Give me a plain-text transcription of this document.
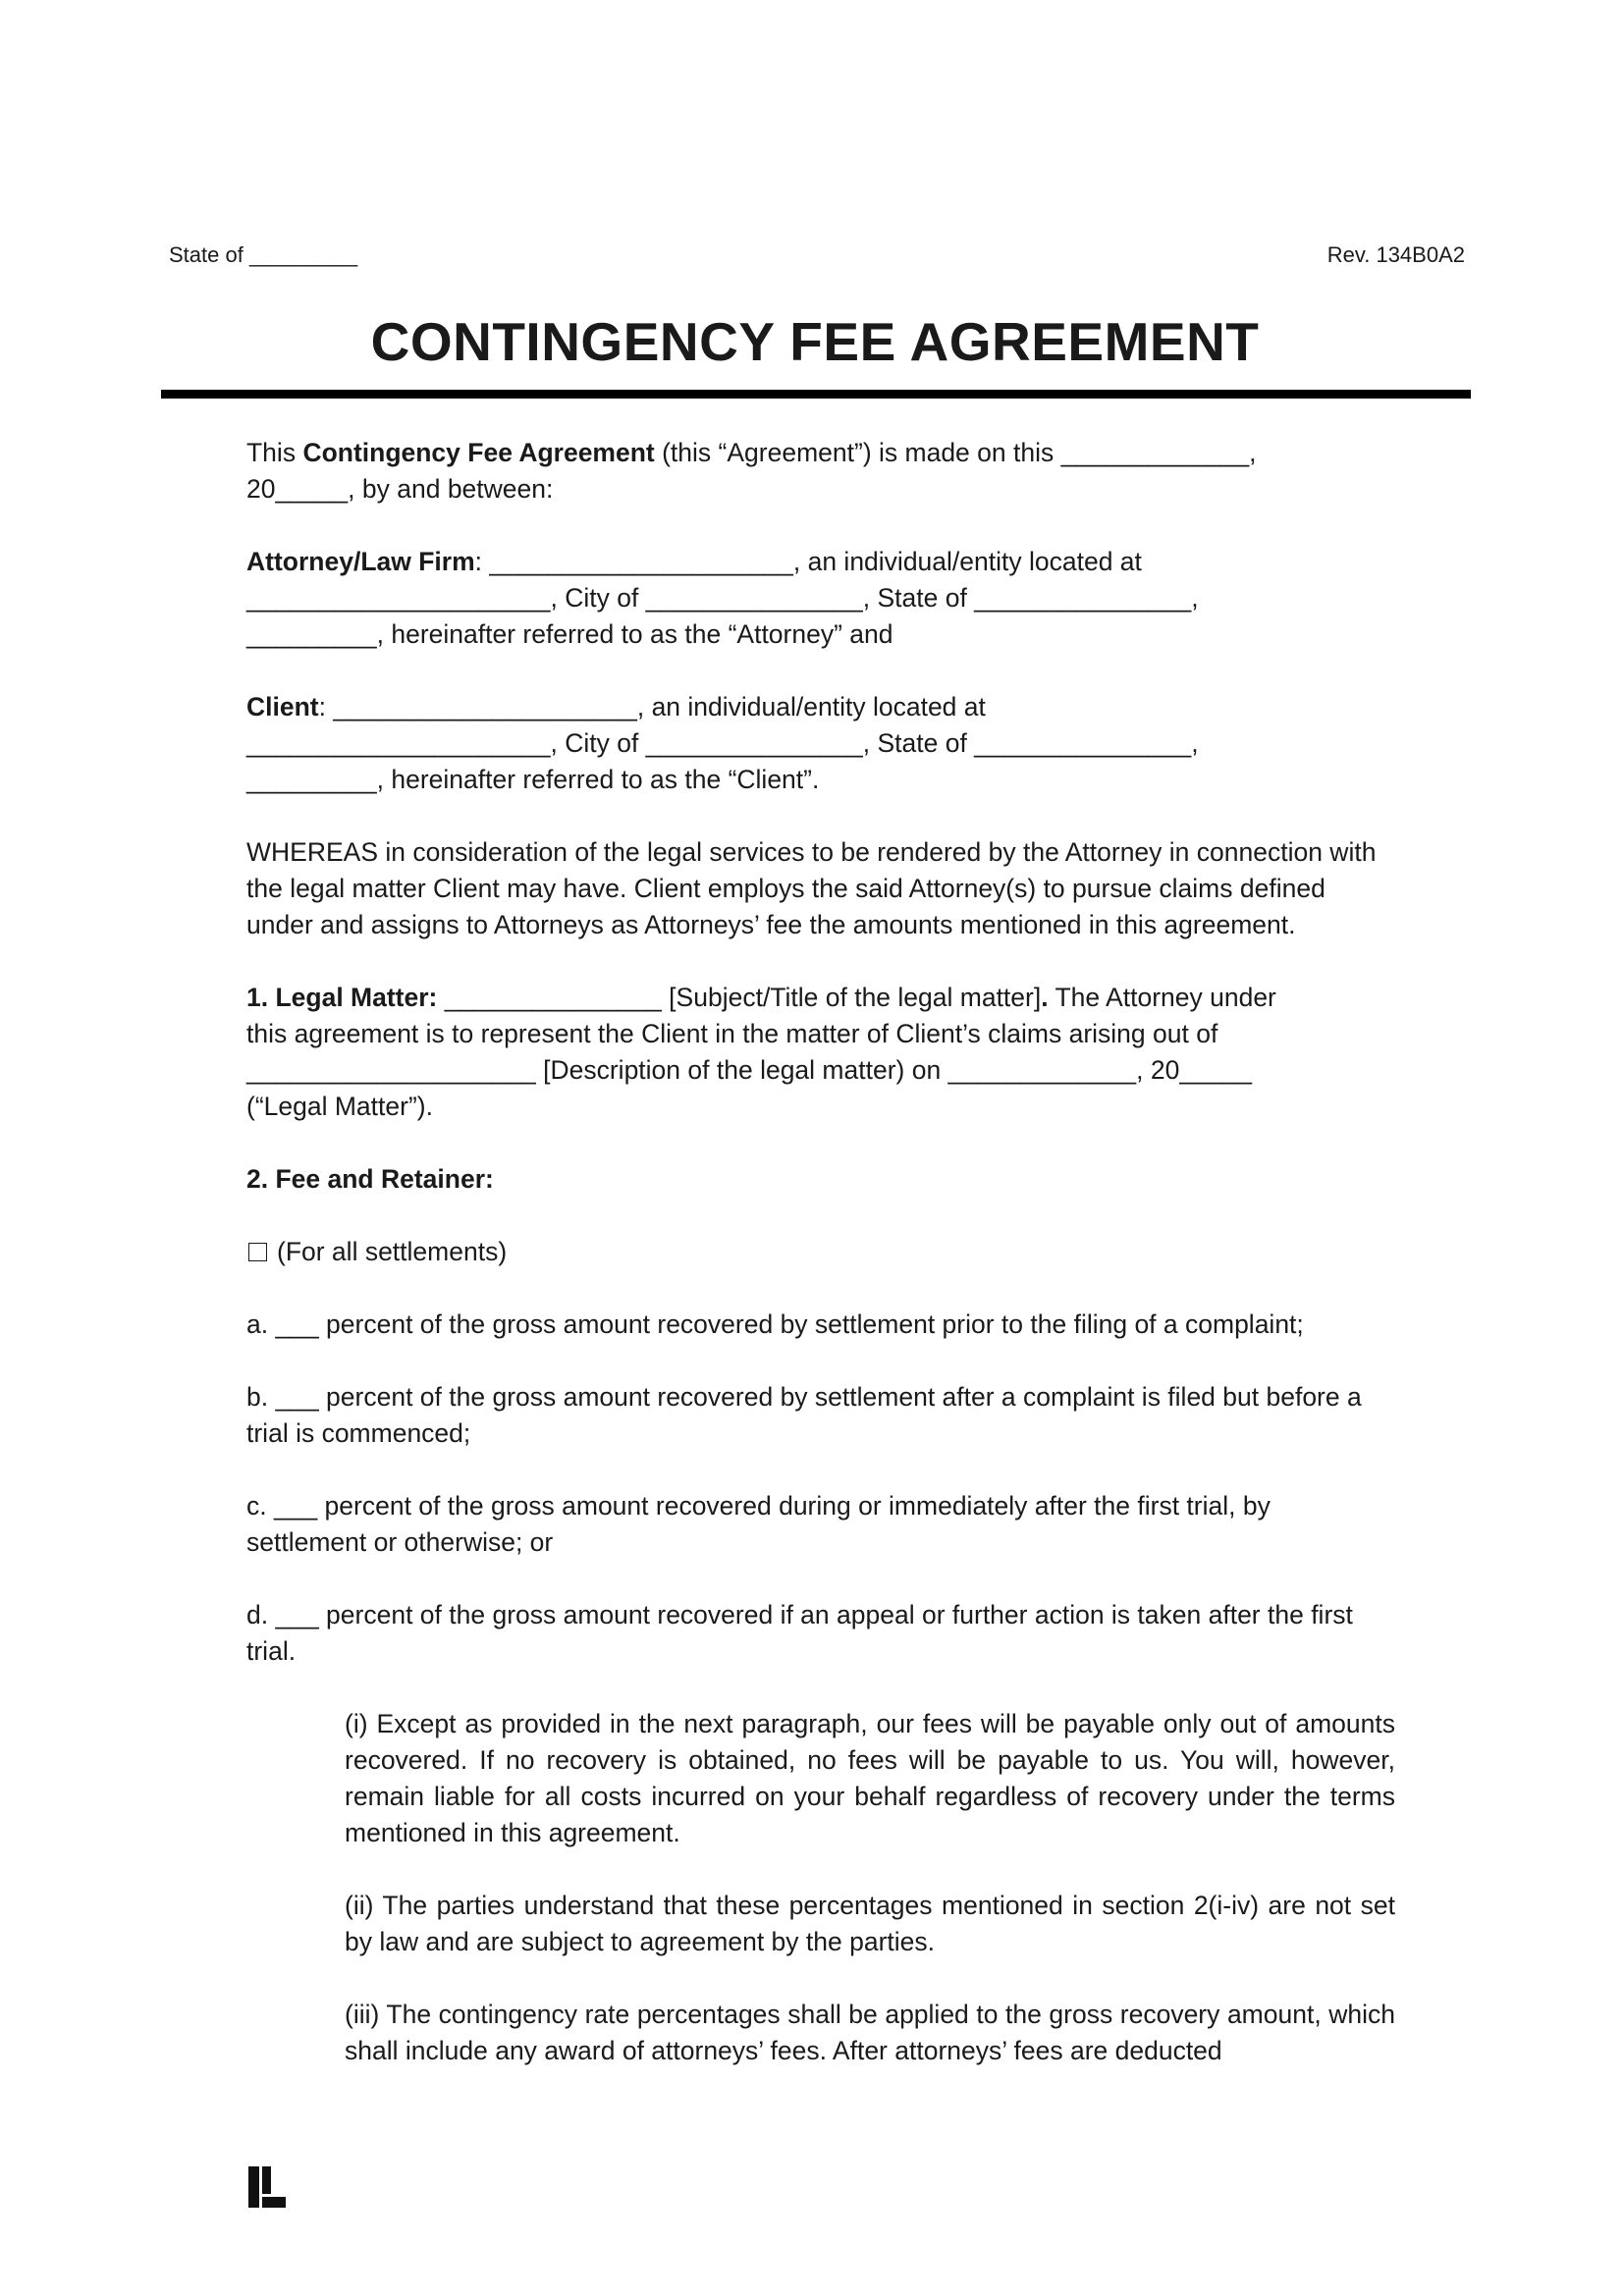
State of _________	Rev. 134B0A2
CONTINGENCY FEE AGREEMENT

This Contingency Fee Agreement (this “Agreement”) is made on this _____________,
20_____, by and between:

Attorney/Law Firm: _____________________, an individual/entity located at
_____________________, City of _______________, State of _______________,
_________, hereinafter referred to as the “Attorney” and

Client: _____________________, an individual/entity located at
_____________________, City of _______________, State of _______________,
_________, hereinafter referred to as the “Client”.

WHEREAS in consideration of the legal services to be rendered by the Attorney in connection with the legal matter Client may have. Client employs the said Attorney(s) to pursue claims defined under and assigns to Attorneys as Attorneys’ fee the amounts mentioned in this agreement.

1. Legal Matter: _______________ [Subject/Title of the legal matter]. The Attorney under
this agreement is to represent the Client in the matter of Client’s claims arising out of
____________________ [Description of the legal matter) on _____________, 20_____
(“Legal Matter”).

2. Fee and Retainer:

(For all settlements)

a. ___ percent of the gross amount recovered by settlement prior to the filing of a complaint;

b. ___ percent of the gross amount recovered by settlement after a complaint is filed but before a trial is commenced;

c. ___ percent of the gross amount recovered during or immediately after the first trial, by settlement or otherwise; or

d. ___ percent of the gross amount recovered if an appeal or further action is taken after the first trial.

(i) Except as provided in the next paragraph, our fees will be payable only out of amounts recovered. If no recovery is obtained, no fees will be payable to us. You will, however, remain liable for all costs incurred on your behalf regardless of recovery under the terms mentioned in this agreement.

(ii) The parties understand that these percentages mentioned in section 2(i-iv) are not set by law and are subject to agreement by the parties.

(iii) The contingency rate percentages shall be applied to the gross recovery amount, which shall include any award of attorneys’ fees. After attorneys’ fees are deducted
